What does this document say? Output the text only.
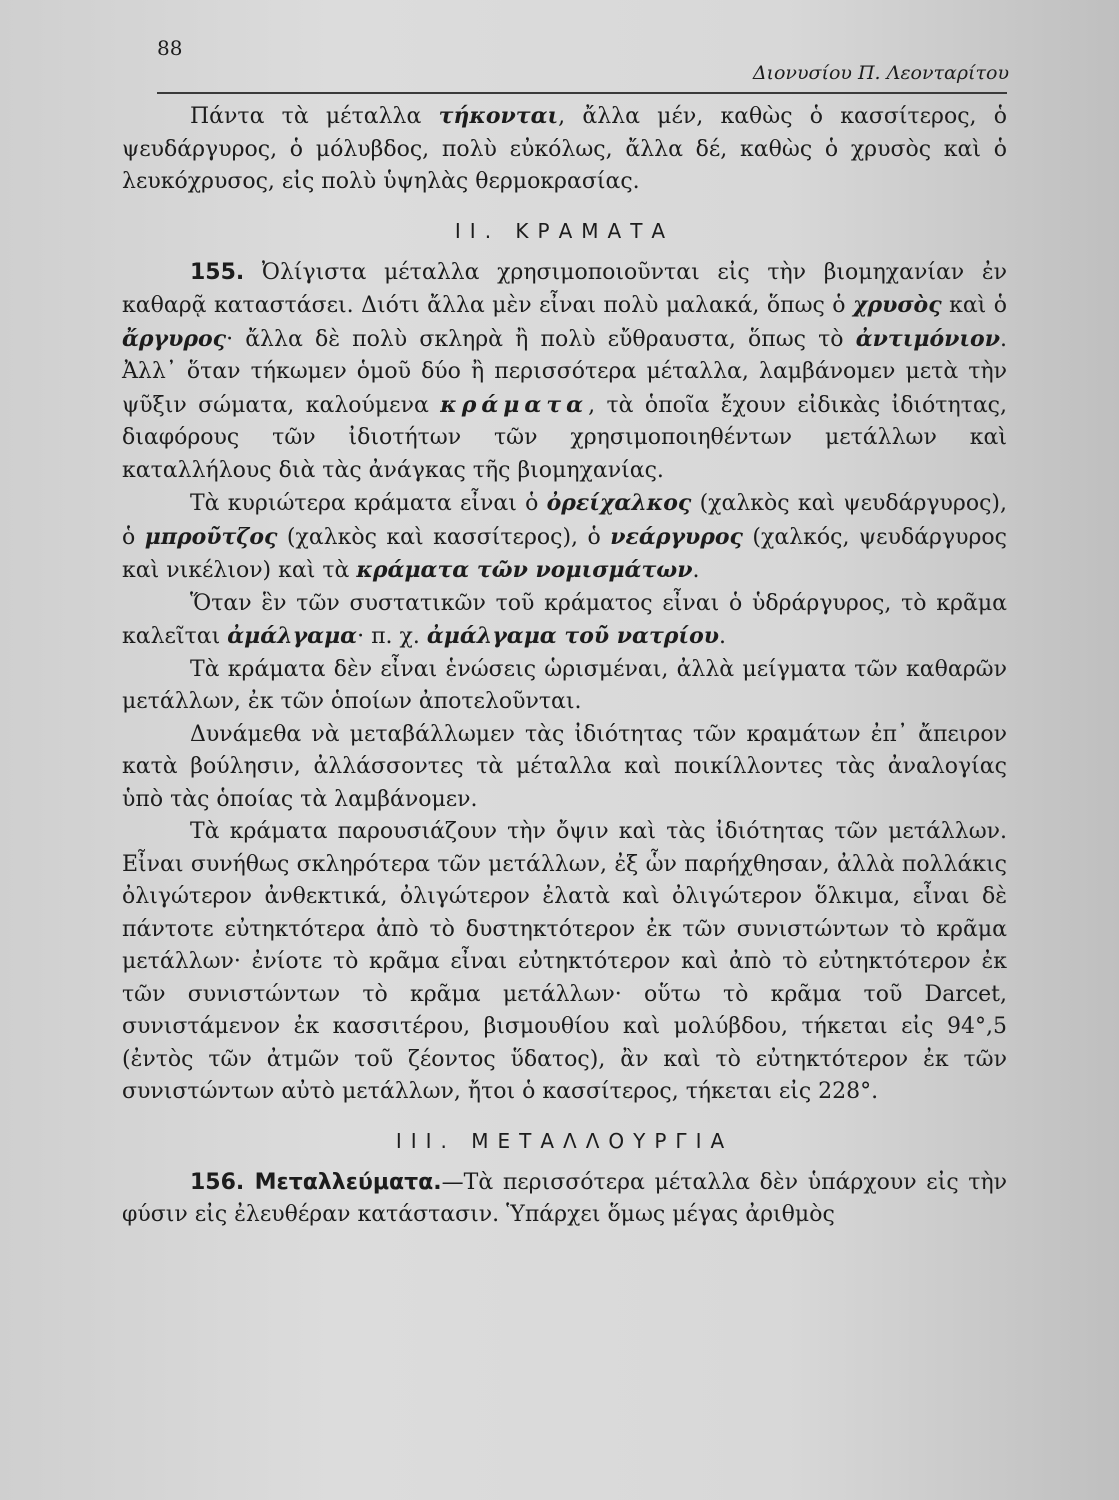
88
Διονυσίου Π. Λεονταρίτου

Πάντα τὰ μέταλλα τήκονται, ἄλλα μέν, καθὼς ὁ κασσίτερος, ὁ ψευδάργυρος, ὁ μόλυβδος, πολὺ εὐκόλως, ἄλλα δέ, καθὼς ὁ χρυσὸς καὶ ὁ λευκόχρυσος, εἰς πολὺ ὑψηλὰς θερμοκρασίας.

II. ΚΡΑΜΑΤΑ

155. Ὀλίγιστα μέταλλα χρησιμοποιοῦνται εἰς τὴν βιομηχανίαν ἐν καθαρᾷ καταστάσει. Διότι ἄλλα μὲν εἶναι πολὺ μαλακά, ὅπως ὁ χρυσὸς καὶ ὁ ἄργυρος· ἄλλα δὲ πολὺ σκληρὰ ἢ πολὺ εὔθραυστα, ὅπως τὸ ἀντιμόνιον. Ἀλλ᾽ ὅταν τήκωμεν ὁμοῦ δύο ἢ περισσότερα μέταλλα, λαμβάνομεν μετὰ τὴν ψῦξιν σώματα, καλούμενα κράματα, τὰ ὁποῖα ἔχουν εἰδικὰς ἰδιότητας, διαφόρους τῶν ἰδιοτήτων τῶν χρησιμοποιηθέντων μετάλλων καὶ καταλλήλους διὰ τὰς ἀνάγκας τῆς βιομηχανίας.

Τὰ κυριώτερα κράματα εἶναι ὁ ὀρείχαλκος (χαλκὸς καὶ ψευδάργυρος), ὁ μπροῦτζος (χαλκὸς καὶ κασσίτερος), ὁ νεάργυρος (χαλκός, ψευδάργυρος καὶ νικέλιον) καὶ τὰ κράματα τῶν νομισμάτων.

Ὅταν ἓν τῶν συστατικῶν τοῦ κράματος εἶναι ὁ ὑδράργυρος, τὸ κρᾶμα καλεῖται ἀμάλγαμα· π. χ. ἀμάλγαμα τοῦ νατρίου.

Τὰ κράματα δὲν εἶναι ἑνώσεις ὡρισμέναι, ἀλλὰ μείγματα τῶν καθαρῶν μετάλλων, ἐκ τῶν ὁποίων ἀποτελοῦνται.

Δυνάμεθα νὰ μεταβάλλωμεν τὰς ἰδιότητας τῶν κραμάτων ἐπ᾽ ἄπειρον κατὰ βούλησιν, ἀλλάσσοντες τὰ μέταλλα καὶ ποικίλλοντες τὰς ἀναλογίας ὑπὸ τὰς ὁποίας τὰ λαμβάνομεν.

Τὰ κράματα παρουσιάζουν τὴν ὄψιν καὶ τὰς ἰδιότητας τῶν μετάλλων. Εἶναι συνήθως σκληρότερα τῶν μετάλλων, ἐξ ὧν παρήχθησαν, ἀλλὰ πολλάκις ὀλιγώτερον ἀνθεκτικά, ὀλιγώτερον ἐλατὰ καὶ ὀλιγώτερον ὅλκιμα, εἶναι δὲ πάντοτε εὐτηκτότερα ἀπὸ τὸ δυστηκτότερον ἐκ τῶν συνιστώντων τὸ κρᾶμα μετάλλων· ἐνίοτε τὸ κρᾶμα εἶναι εὐτηκτότερον καὶ ἀπὸ τὸ εὐτηκτότερον ἐκ τῶν συνιστώντων τὸ κρᾶμα μετάλλων· οὕτω τὸ κρᾶμα τοῦ Darcet, συνιστάμενον ἐκ κασσιτέρου, βισμουθίου καὶ μολύβδου, τήκεται εἰς 94°,5 (ἐντὸς τῶν ἀτμῶν τοῦ ζέοντος ὕδατος), ἂν καὶ τὸ εὐτηκτότερον ἐκ τῶν συνιστώντων αὐτὸ μετάλλων, ἤτοι ὁ κασσίτερος, τήκεται εἰς 228°.

III. ΜΕΤΑΛΛΟΥΡΓΙΑ

156. Μεταλλεύματα.—Τὰ περισσότερα μέταλλα δὲν ὑπάρχουν εἰς τὴν φύσιν εἰς ἐλευθέραν κατάστασιν. Ὑπάρχει ὅμως μέγας ἀριθμὸς
